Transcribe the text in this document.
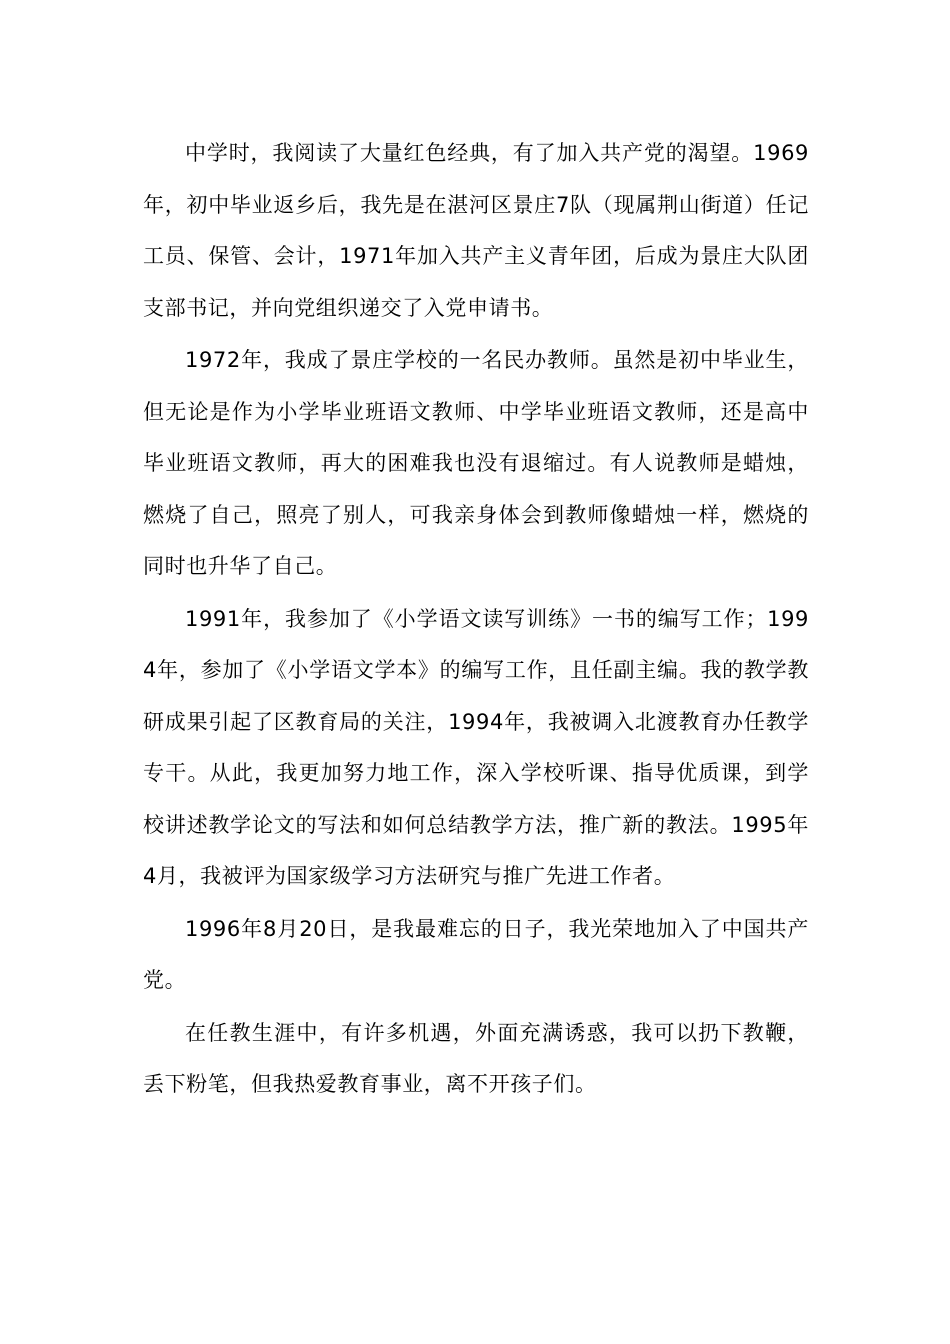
中学时，我阅读了大量红色经典，有了加入共产党的渴望。1969年，初中毕业返乡后，我先是在湛河区景庄7队（现属荆山街道）任记工员、保管、会计，1971年加入共产主义青年团，后成为景庄大队团支部书记，并向党组织递交了入党申请书。

1972年，我成了景庄学校的一名民办教师。虽然是初中毕业生，但无论是作为小学毕业班语文教师、中学毕业班语文教师，还是高中毕业班语文教师，再大的困难我也没有退缩过。有人说教师是蜡烛，燃烧了自己，照亮了别人，可我亲身体会到教师像蜡烛一样，燃烧的同时也升华了自己。

1991年，我参加了《小学语文读写训练》一书的编写工作；1994年，参加了《小学语文学本》的编写工作，且任副主编。我的教学教研成果引起了区教育局的关注，1994年，我被调入北渡教育办任教学专干。从此，我更加努力地工作，深入学校听课、指导优质课，到学校讲述教学论文的写法和如何总结教学方法，推广新的教法。1995年4月，我被评为国家级学习方法研究与推广先进工作者。

1996年8月20日，是我最难忘的日子，我光荣地加入了中国共产党。

在任教生涯中，有许多机遇，外面充满诱惑，我可以扔下教鞭，丢下粉笔，但我热爱教育事业，离不开孩子们。
